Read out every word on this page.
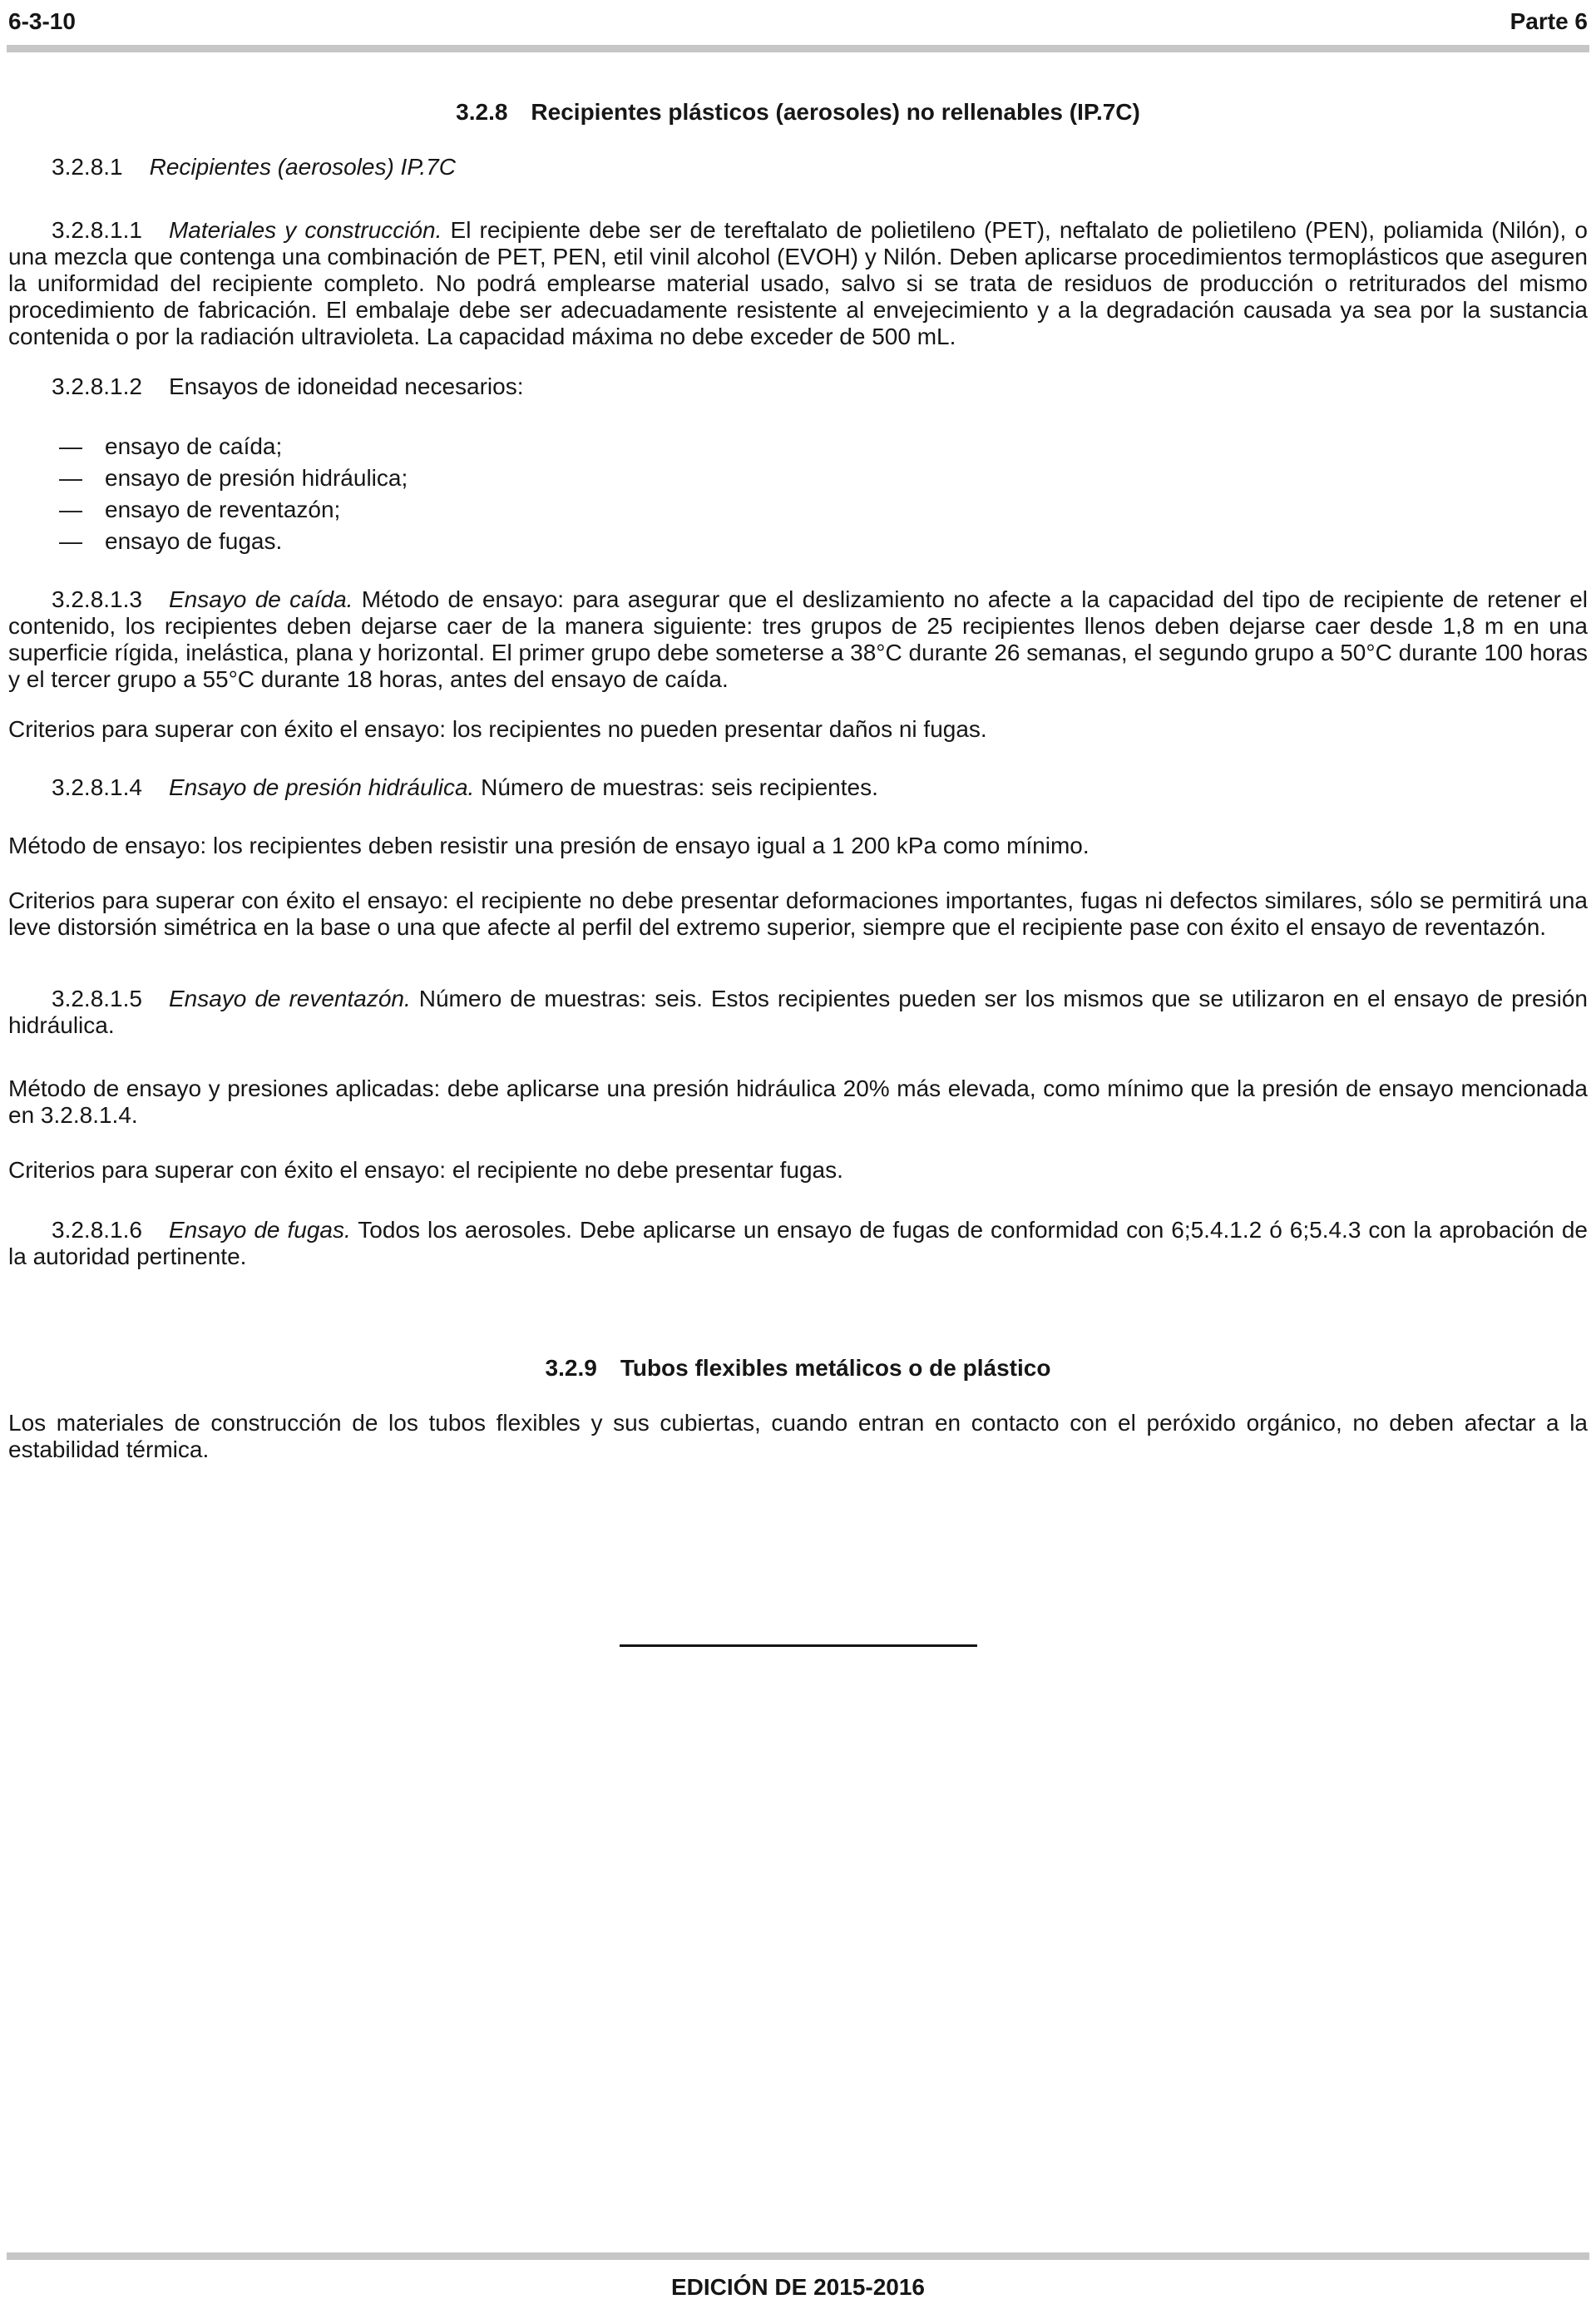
6-3-10	Parte 6
3.2.8 Recipientes plásticos (aerosoles) no rellenables (IP.7C)
3.2.8.1 Recipientes (aerosoles) IP.7C

3.2.8.1.1 Materiales y construcción. El recipiente debe ser de tereftalato de polietileno (PET), neftalato de polietileno (PEN), poliamida (Nilón), o una mezcla que contenga una combinación de PET, PEN, etil vinil alcohol (EVOH) y Nilón. Deben aplicarse procedimientos termoplásticos que aseguren la uniformidad del recipiente completo. No podrá emplearse material usado, salvo si se trata de residuos de producción o retriturados del mismo procedimiento de fabricación. El embalaje debe ser adecuadamente resistente al envejecimiento y a la degradación causada ya sea por la sustancia contenida o por la radiación ultravioleta. La capacidad máxima no debe exceder de 500 mL.

3.2.8.1.2 Ensayos de idoneidad necesarios:

— ensayo de caída;
— ensayo de presión hidráulica;
— ensayo de reventazón;
— ensayo de fugas.

3.2.8.1.3 Ensayo de caída. Método de ensayo: para asegurar que el deslizamiento no afecte a la capacidad del tipo de recipiente de retener el contenido, los recipientes deben dejarse caer de la manera siguiente: tres grupos de 25 recipientes llenos deben dejarse caer desde 1,8 m en una superficie rígida, inelástica, plana y horizontal. El primer grupo debe someterse a 38°C durante 26 semanas, el segundo grupo a 50°C durante 100 horas y el tercer grupo a 55°C durante 18 horas, antes del ensayo de caída.

Criterios para superar con éxito el ensayo: los recipientes no pueden presentar daños ni fugas.

3.2.8.1.4 Ensayo de presión hidráulica. Número de muestras: seis recipientes.

Método de ensayo: los recipientes deben resistir una presión de ensayo igual a 1 200 kPa como mínimo.

Criterios para superar con éxito el ensayo: el recipiente no debe presentar deformaciones importantes, fugas ni defectos similares, sólo se permitirá una leve distorsión simétrica en la base o una que afecte al perfil del extremo superior, siempre que el recipiente pase con éxito el ensayo de reventazón.

3.2.8.1.5 Ensayo de reventazón. Número de muestras: seis. Estos recipientes pueden ser los mismos que se utilizaron en el ensayo de presión hidráulica.

Método de ensayo y presiones aplicadas: debe aplicarse una presión hidráulica 20% más elevada, como mínimo que la presión de ensayo mencionada en 3.2.8.1.4.

Criterios para superar con éxito el ensayo: el recipiente no debe presentar fugas.

3.2.8.1.6 Ensayo de fugas. Todos los aerosoles. Debe aplicarse un ensayo de fugas de conformidad con 6;5.4.1.2 ó 6;5.4.3 con la aprobación de la autoridad pertinente.

3.2.9 Tubos flexibles metálicos o de plástico

Los materiales de construcción de los tubos flexibles y sus cubiertas, cuando entran en contacto con el peróxido orgánico, no deben afectar a la estabilidad térmica.

EDICIÓN DE 2015-2016
